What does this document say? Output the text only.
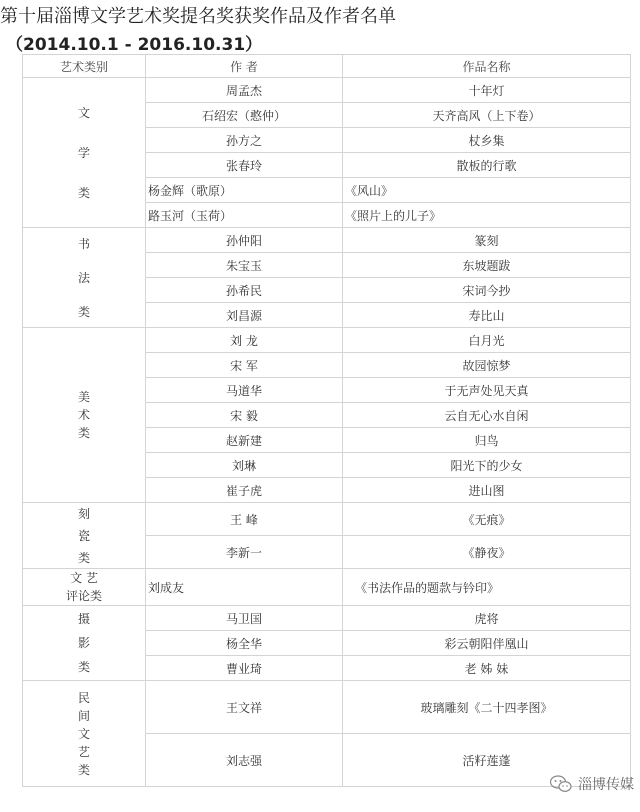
第十届淄博文学艺术奖提名奖获奖作品及作者名单
（2014.10.1 - 2016.10.31）
艺术类别	作 者	作品名称

文
学
类	周孟杰	十年灯
	石绍宏（憨仲）	天齐高风（上下卷）
	孙方之	杖乡集
	张春玲	散板的行歌
	杨金辉（歌原）	《风山》
	路玉河（玉荷）	《照片上的儿子》

书
法
类	孙仲阳	篆刻
	朱宝玉	东坡题跋
	孙希民	宋词今抄
	刘昌源	寿比山

美
术
类	刘 龙	白月光
	宋 军	故园惊梦
	马道华	于无声处见天真
	宋 毅	云自无心水自闲
	赵新建	归鸟
	刘琳	阳光下的少女
	崔子虎	进山图

刻
瓷
类	王 峰	《无痕》
	李新一	《静夜》

文 艺
评论类	刘成友	《书法作品的题款与钤印》

摄
影
类	马卫国	虎将
	杨全华	彩云朝阳伴凰山
	曹业琦	老 姊 妹

民
间
文
艺
类	王文祥	玻璃雕刻《二十四孝图》
	刘志强	活籽莲蓬
淄博传媒
